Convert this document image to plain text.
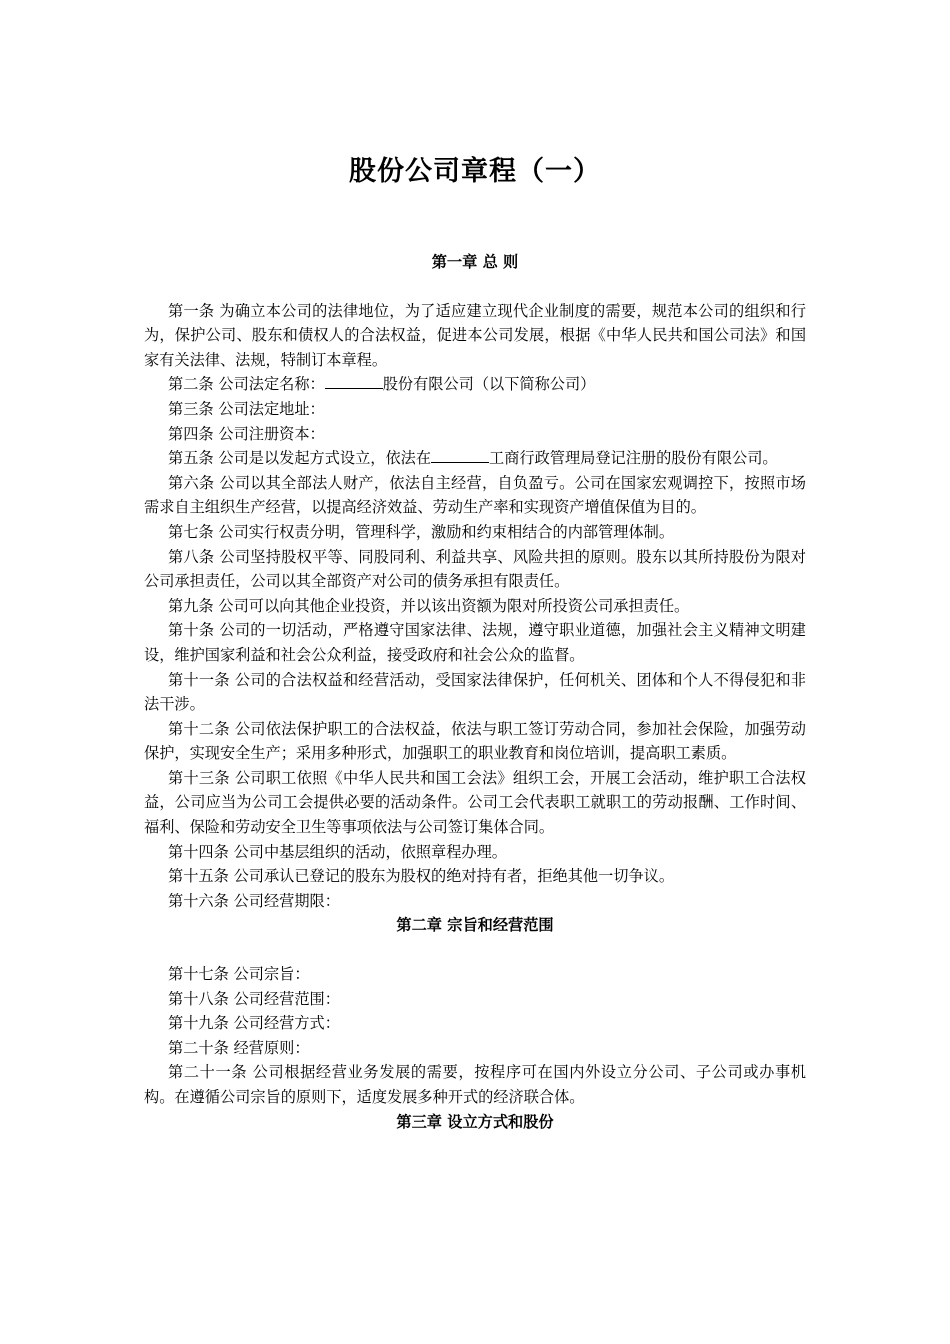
股份公司章程（一）

第一章 总 则

第一条 为确立本公司的法律地位，为了适应建立现代企业制度的需要，规范本公司的组织和行为，保护公司、股东和债权人的合法权益，促进本公司发展，根据《中华人民共和国公司法》和国家有关法律、法规，特制订本章程。

第二条 公司法定名称：	股份有限公司（以下简称公司）

第三条 公司法定地址：

第四条 公司注册资本：

第五条 公司是以发起方式设立，依法在	工商行政管理局登记注册的股份有限公司。

第六条 公司以其全部法人财产，依法自主经营，自负盈亏。公司在国家宏观调控下，按照市场需求自主组织生产经营，以提高经济效益、劳动生产率和实现资产增值保值为目的。

第七条 公司实行权责分明，管理科学，激励和约束相结合的内部管理体制。

第八条 公司坚持股权平等、同股同利、利益共享、风险共担的原则。股东以其所持股份为限对公司承担责任，公司以其全部资产对公司的债务承担有限责任。

第九条 公司可以向其他企业投资，并以该出资额为限对所投资公司承担责任。

第十条 公司的一切活动，严格遵守国家法律、法规，遵守职业道德，加强社会主义精神文明建设，维护国家利益和社会公众利益，接受政府和社会公众的监督。

第十一条 公司的合法权益和经营活动，受国家法律保护，任何机关、团体和个人不得侵犯和非法干涉。

第十二条 公司依法保护职工的合法权益，依法与职工签订劳动合同，参加社会保险，加强劳动保护，实现安全生产；采用多种形式，加强职工的职业教育和岗位培训，提高职工素质。

第十三条 公司职工依照《中华人民共和国工会法》组织工会，开展工会活动，维护职工合法权益，公司应当为公司工会提供必要的活动条件。公司工会代表职工就职工的劳动报酬、工作时间、福利、保险和劳动安全卫生等事项依法与公司签订集体合同。

第十四条 公司中基层组织的活动，依照章程办理。

第十五条 公司承认已登记的股东为股权的绝对持有者，拒绝其他一切争议。

第十六条 公司经营期限：

第二章 宗旨和经营范围

第十七条 公司宗旨：

第十八条 公司经营范围：

第十九条 公司经营方式：

第二十条 经营原则：

第二十一条 公司根据经营业务发展的需要，按程序可在国内外设立分公司、子公司或办事机构。在遵循公司宗旨的原则下，适度发展多种开式的经济联合体。

第三章 设立方式和股份
